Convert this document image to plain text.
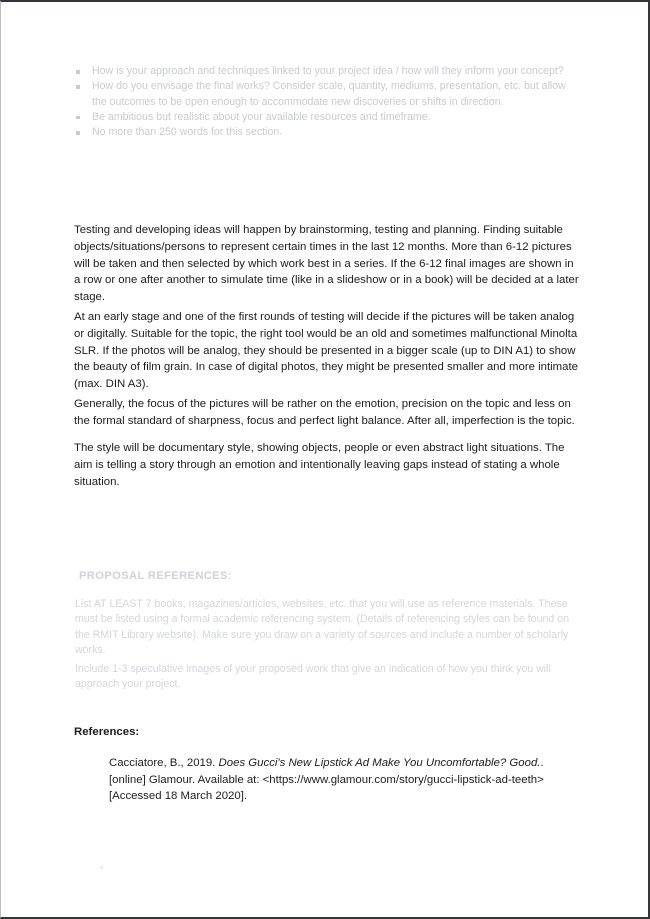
How is your approach and techniques linked to your project idea / how will they inform your concept?
How do you envisage the final works? Consider scale, quantity, mediums, presentation, etc. but allow the outcomes to be open enough to accommodate new discoveries or shifts in direction.
Be ambitious but realistic about your available resources and timeframe.
No more than 250 words for this section.

Testing and developing ideas will happen by brainstorming, testing and planning. Finding suitable objects/situations/persons to represent certain times in the last 12 months. More than 6-12 pictures will be taken and then selected by which work best in a series. If the 6-12 final images are shown in a row or one after another to simulate time (like in a slideshow or in a book) will be decided at a later stage.

At an early stage and one of the first rounds of testing will decide if the pictures will be taken analog or digitally. Suitable for the topic, the right tool would be an old and sometimes malfunctional Minolta SLR. If the photos will be analog, they should be presented in a bigger scale (up to DIN A1) to show the beauty of film grain. In case of digital photos, they might be presented smaller and more intimate (max. DIN A3).

Generally, the focus of the pictures will be rather on the emotion, precision on the topic and less on the formal standard of sharpness, focus and perfect light balance. After all, imperfection is the topic.

The style will be documentary style, showing objects, people or even abstract light situations. The aim is telling a story through an emotion and intentionally leaving gaps instead of stating a whole situation.

PROPOSAL REFERENCES:
List AT LEAST 7 books, magazines/articles, websites, etc. that you will use as reference materials. These must be listed using a formal academic referencing system. (Details of referencing styles can be found on the RMIT Library website). Make sure you draw on a variety of sources and include a number of scholarly works.
Include 1-3 speculative images of your proposed work that give an indication of how you think you will approach your project.
References:
Cacciatore, B., 2019. Does Gucci's New Lipstick Ad Make You Uncomfortable? Good.. [online] Glamour. Available at: <https://www.glamour.com/story/gucci-lipstick-ad-teeth> [Accessed 18 March 2020].
